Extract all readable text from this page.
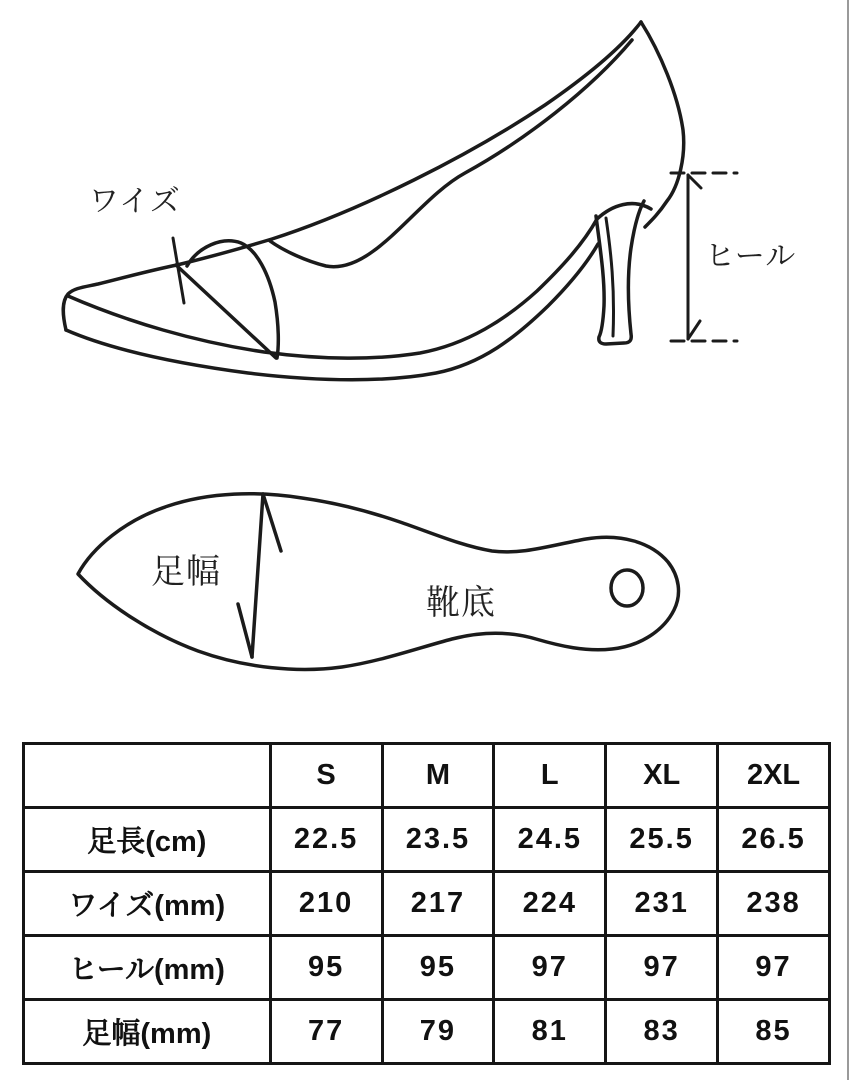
ワイズ
ヒール
足幅
靴底
	S	M	L	XL	2XL
足長(cm)	22.5	23.5	24.5	25.5	26.5
ワイズ(mm)	210	217	224	231	238
ヒール(mm)	95	95	97	97	97
足幅(mm)	77	79	81	83	85
